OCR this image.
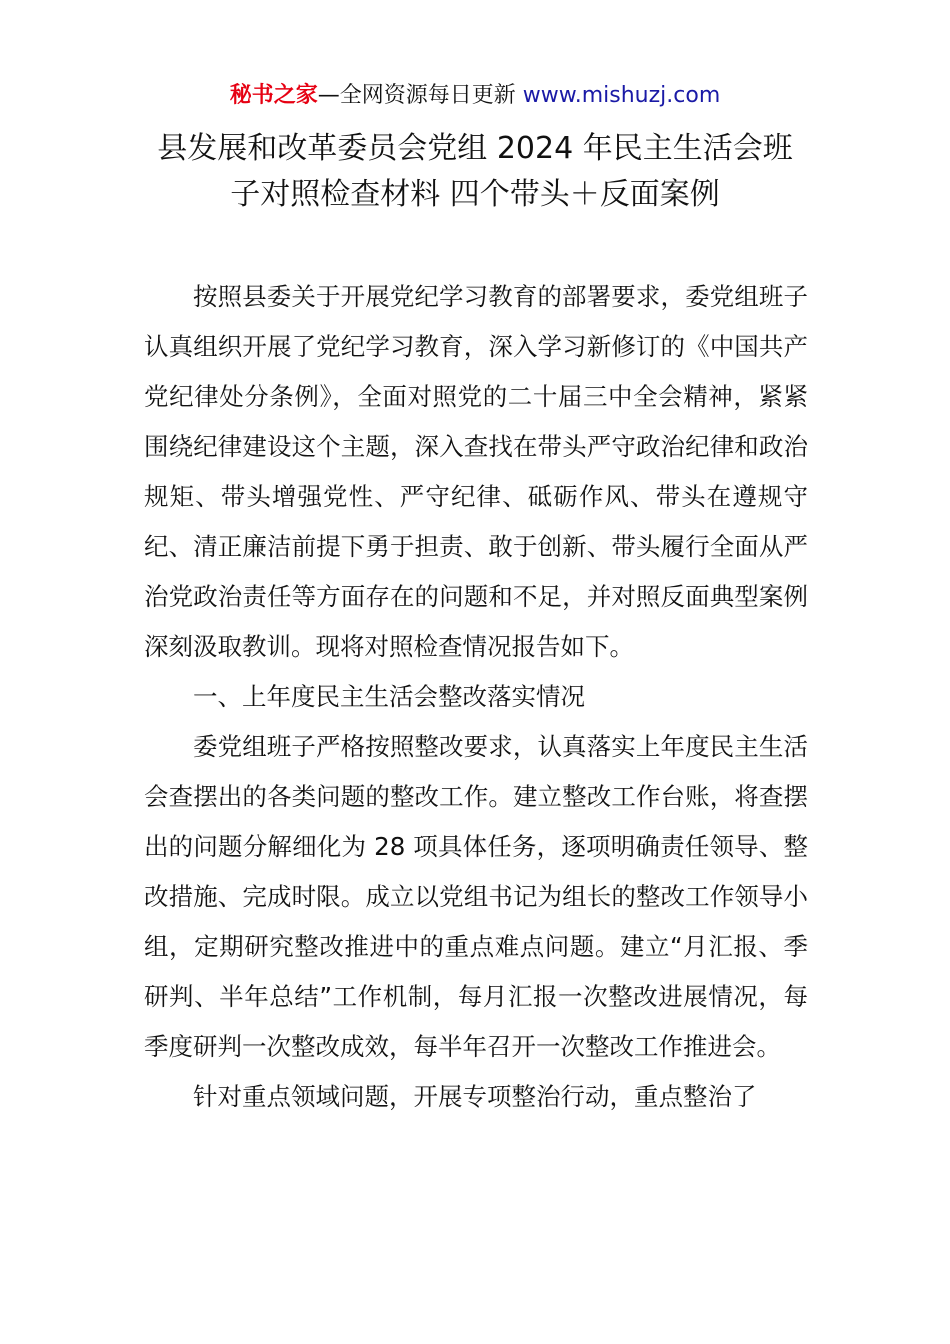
秘书之家—全网资源每日更新 www.mishuzj.com
县发展和改革委员会党组 2024 年民主生活会班
子对照检查材料 四个带头＋反面案例

按照县委关于开展党纪学习教育的部署要求，委党组班子认真组织开展了党纪学习教育，深入学习新修订的《中国共产党纪律处分条例》，全面对照党的二十届三中全会精神，紧紧围绕纪律建设这个主题，深入查找在带头严守政治纪律和政治规矩、带头增强党性、严守纪律、砥砺作风、带头在遵规守纪、清正廉洁前提下勇于担责、敢于创新、带头履行全面从严治党政治责任等方面存在的问题和不足，并对照反面典型案例深刻汲取教训。现将对照检查情况报告如下。

一、上年度民主生活会整改落实情况

委党组班子严格按照整改要求，认真落实上年度民主生活会查摆出的各类问题的整改工作。建立整改工作台账，将查摆出的问题分解细化为 28 项具体任务，逐项明确责任领导、整改措施、完成时限。成立以党组书记为组长的整改工作领导小组，定期研究整改推进中的重点难点问题。建立“月汇报、季研判、半年总结”工作机制，每月汇报一次整改进展情况，每季度研判一次整改成效，每半年召开一次整改工作推进会。

针对重点领域问题，开展专项整治行动，重点整治了
